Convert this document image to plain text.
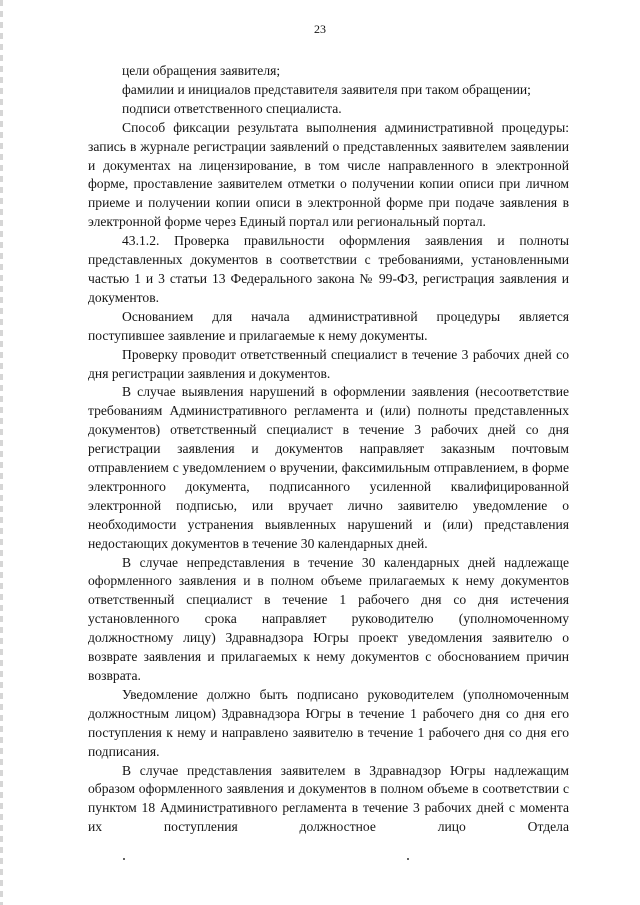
23

цели обращения заявителя;

фамилии и инициалов представителя заявителя при таком обращении;

подписи ответственного специалиста.

Способ фиксации результата выполнения административной процедуры: запись в журнале регистрации заявлений о представленных заявителем заявлении и документах на лицензирование, в том числе направленного в электронной форме, проставление заявителем отметки о получении копии описи при личном приеме и получении копии описи в электронной форме при подаче заявления в электронной форме через Единый портал или региональный портал.

43.1.2. Проверка правильности оформления заявления и полноты представленных документов в соответствии с требованиями, установленными частью 1 и 3 статьи 13 Федерального закона № 99-ФЗ, регистрация заявления и документов.

Основанием для начала административной процедуры является поступившее заявление и прилагаемые к нему документы.

Проверку проводит ответственный специалист в течение 3 рабочих дней со дня регистрации заявления и документов.

В случае выявления нарушений в оформлении заявления (несоответствие требованиям Административного регламента и (или) полноты представленных документов) ответственный специалист в течение 3 рабочих дней со дня регистрации заявления и документов направляет заказным почтовым отправлением с уведомлением о вручении, факсимильным отправлением, в форме электронного документа, подписанного усиленной квалифицированной электронной подписью, или вручает лично заявителю уведомление о необходимости устранения выявленных нарушений и (или) представления недостающих документов в течение 30 календарных дней.

В случае непредставления в течение 30 календарных дней надлежаще оформленного заявления и в полном объеме прилагаемых к нему документов ответственный специалист в течение 1 рабочего дня со дня истечения установленного срока направляет руководителю (уполномоченному должностному лицу) Здравнадзора Югры проект уведомления заявителю о возврате заявления и прилагаемых к нему документов с обоснованием причин возврата.

Уведомление должно быть подписано руководителем (уполномоченным должностным лицом) Здравнадзора Югры в течение 1 рабочего дня со дня его поступления к нему и направлено заявителю в течение 1 рабочего дня со дня его подписания.

В случае представления заявителем в Здравнадзор Югры надлежащим образом оформленного заявления и документов в полном объеме в соответствии с пунктом 18 Административного регламента в течение 3 рабочих дней с момента их поступления должностное лицо Отдела
